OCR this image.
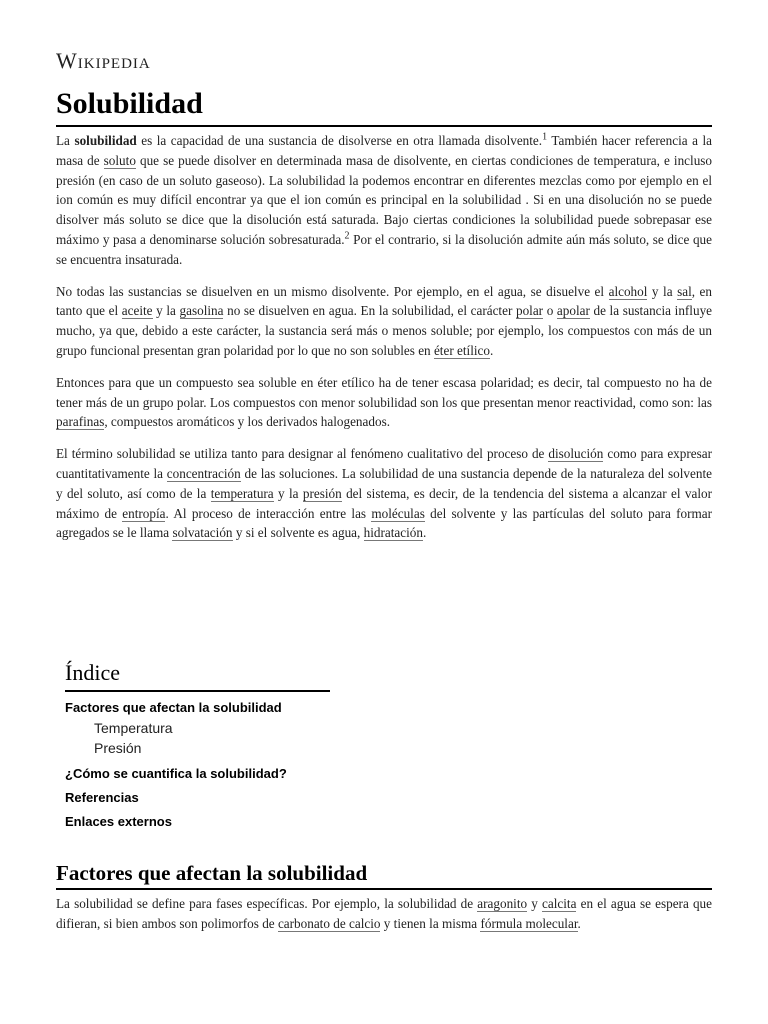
Wikipedia
Solubilidad

La solubilidad es la capacidad de una sustancia de disolverse en otra llamada disolvente.$^1$ También hacer referencia a la masa de soluto que se puede disolver en determinada masa de disolvente, en ciertas condiciones de temperatura, e incluso presión (en caso de un soluto gaseoso). La solubilidad la podemos encontrar en diferentes mezclas como por ejemplo en el ion común es muy difícil encontrar ya que el ion común es principal en la solubilidad . Si en una disolución no se puede disolver más soluto se dice que la disolución está saturada. Bajo ciertas condiciones la solubilidad puede sobrepasar ese máximo y pasa a denominarse solución sobresaturada.$^2$ Por el contrario, si la disolución admite aún más soluto, se dice que se encuentra insaturada.

No todas las sustancias se disuelven en un mismo disolvente. Por ejemplo, en el agua, se disuelve el alcohol y la sal, en tanto que el aceite y la gasolina no se disuelven en agua. En la solubilidad, el carácter polar o apolar de la sustancia influye mucho, ya que, debido a este carácter, la sustancia será más o menos soluble; por ejemplo, los compuestos con más de un grupo funcional presentan gran polaridad por lo que no son solubles en éter etílico.

Entonces para que un compuesto sea soluble en éter etílico ha de tener escasa polaridad; es decir, tal compuesto no ha de tener más de un grupo polar. Los compuestos con menor solubilidad son los que presentan menor reactividad, como son: las parafinas, compuestos aromáticos y los derivados halogenados.

El término solubilidad se utiliza tanto para designar al fenómeno cualitativo del proceso de disolución como para expresar cuantitativamente la concentración de las soluciones. La solubilidad de una sustancia depende de la naturaleza del solvente y del soluto, así como de la temperatura y la presión del sistema, es decir, de la tendencia del sistema a alcanzar el valor máximo de entropía. Al proceso de interacción entre las moléculas del solvente y las partículas del soluto para formar agregados se le llama solvatación y si el solvente es agua, hidratación.

Índice
Factores que afectan la solubilidad
Temperatura
Presión
¿Cómo se cuantifica la solubilidad?
Referencias
Enlaces externos
Factores que afectan la solubilidad

La solubilidad se define para fases específicas. Por ejemplo, la solubilidad de aragonito y calcita en el agua se espera que difieran, si bien ambos son polimorfos de carbonato de calcio y tienen la misma fórmula molecular.
